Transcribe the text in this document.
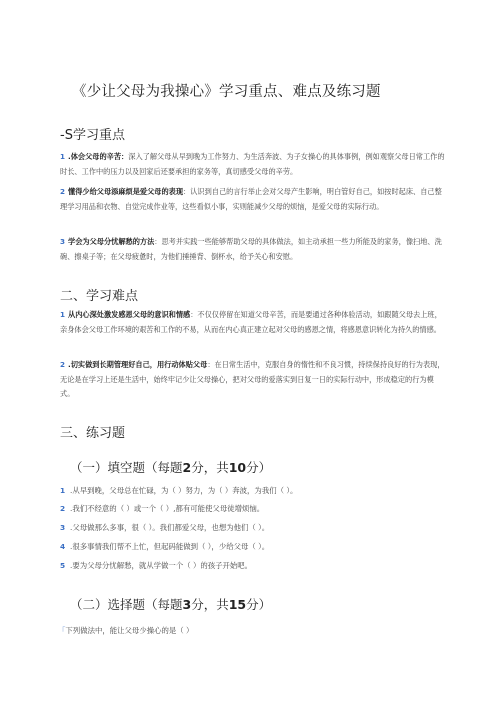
《少让父母为我操心》学习重点、难点及练习题
-S学习重点
1 .体会父母的辛苦：深入了解父母从早到晚为工作努力、为生活奔波、为子女操心的具体事例，例如观察父母日常工作的时长、工作中的压力以及回家后还要承担的家务等，真切感受父母的辛劳。
2 懂得少给父母添麻烦是爱父母的表现：认识到自己的言行举止会对父母产生影响，明白管好自己，如按时起床、自己整理学习用品和衣物、自觉完成作业等，这些看似小事，实则能减少父母的烦恼，是爱父母的实际行动。
3 学会为父母分忧解愁的方法：思考并实践一些能够帮助父母的具体做法，如主动承担一些力所能及的家务，像扫地、洗碗、擦桌子等；在父母疲惫时，为他们捶捶背、倒杯水，给予关心和安慰。
二、学习难点
1 从内心深处激发感恩父母的意识和情感：不仅仅停留在知道父母辛苦，而是要通过各种体验活动，如跟随父母去上班，亲身体会父母工作环境的艰苦和工作的不易，从而在内心真正建立起对父母的感恩之情，将感恩意识转化为持久的情感。
2 .切实做到长期管理好自己，用行动体贴父母：在日常生活中，克服自身的惰性和不良习惯，持续保持良好的行为表现，无论是在学习上还是生活中，始终牢记少让父母操心，把对父母的爱落实到日复一日的实际行动中，形成稳定的行为模式。
三、练习题
（一）填空题（每题2分，共10分）
1 .从早到晚，父母总在忙碌，为（ ）努力，为（ ）奔波，为我们（ ）。
2 .我们不经意的（ ）或一个（ ）,都有可能使父母徒增烦恼。
3 .父母做那么多事，很（ ）。我们都爱父母，也想为他们（ ）。
4 .很多事情我们帮不上忙，但起码能做到（ ），少给父母（ ）。
5 .要为父母分忧解愁，就从学做一个（ ）的孩子开始吧。
（二）选择题（每题3分，共15分）
「下列做法中，能让父母少操心的是（ ）
